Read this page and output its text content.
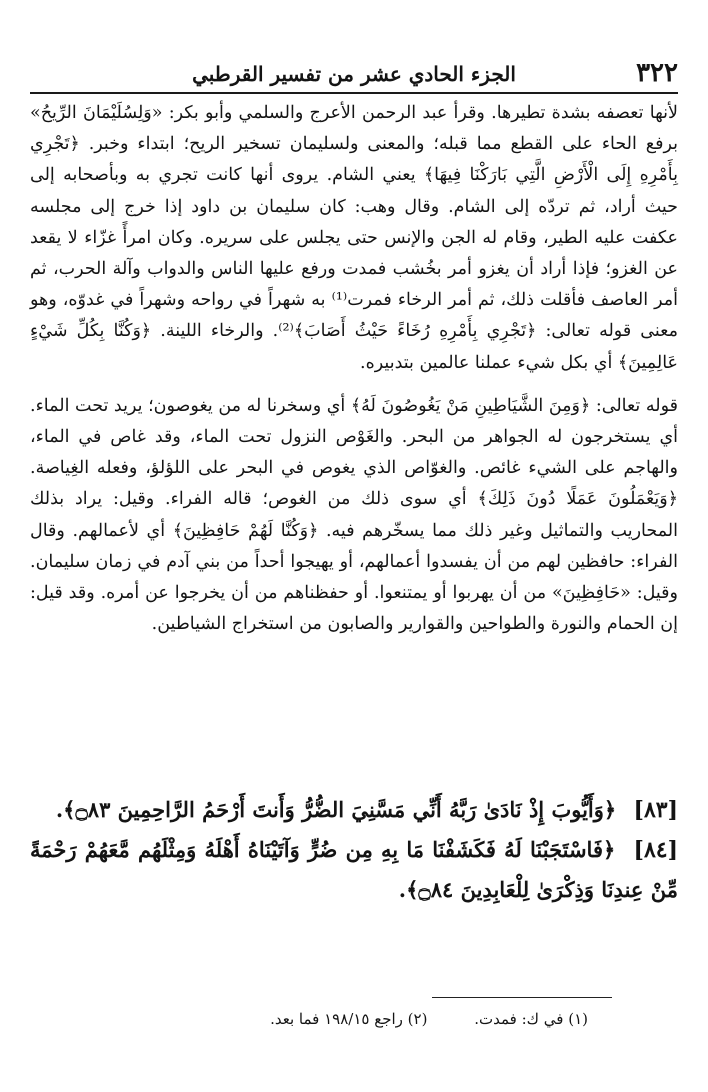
٣٢٢
الجزء الحادي عشر من تفسير القرطبي

لأنها تعصفه بشدة تطيرها. وقرأ عبد الرحمن الأعرج والسلمي وأبو بكر: «وَلِسُلَيْمَانَ الرِّيحُ» برفع الحاء على القطع مما قبله؛ والمعنى ولسليمان تسخير الريح؛ ابتداء وخبر. ﴿تَجْرِي بِأَمْرِهِ إِلَى الْأَرْضِ الَّتِي بَارَكْنَا فِيهَا﴾ يعني الشام. يروى أنها كانت تجري به وبأصحابه إلى حيث أراد، ثم تردّه إلى الشام. وقال وهب: كان سليمان بن داود إذا خرج إلى مجلسه عكفت عليه الطير، وقام له الجن والإنس حتى يجلس على سريره. وكان امرأً غزّاء لا يقعد عن الغزو؛ فإذا أراد أن يغزو أمر بخُشب فمدت ورفع عليها الناس والدواب وآلة الحرب، ثم أمر العاصف فأقلت ذلك، ثم أمر الرخاء فمرت⁽¹⁾ به شهراً في رواحه وشهراً في غدوّه، وهو معنى قوله تعالى: ﴿تَجْرِي بِأَمْرِهِ رُخَاءً حَيْثُ أَصَابَ﴾⁽²⁾. والرخاء اللينة. ﴿وَكُنَّا بِكُلِّ شَيْءٍ عَالِمِينَ﴾ أي بكل شيء عملنا عالمين بتدبيره.

قوله تعالى: ﴿وَمِنَ الشَّيَاطِينِ مَنْ يَغُوصُونَ لَهُ﴾ أي وسخرنا له من يغوصون؛ يريد تحت الماء. أي يستخرجون له الجواهر من البحر. والغَوْص النزول تحت الماء، وقد غاص في الماء، والهاجم على الشيء غائص. والغوّاص الذي يغوص في البحر على اللؤلؤ، وفعله الغِياصة. ﴿وَيَعْمَلُونَ عَمَلًا دُونَ ذَلِكَ﴾ أي سوى ذلك من الغوص؛ قاله الفراء. وقيل: يراد بذلك المحاريب والتماثيل وغير ذلك مما يسخّرهم فيه. ﴿وَكُنَّا لَهُمْ حَافِظِينَ﴾ أي لأعمالهم. وقال الفراء: حافظين لهم من أن يفسدوا أعمالهم، أو يهيجوا أحداً من بني آدم في زمان سليمان. وقيل: «حَافِظِينَ» من أن يهربوا أو يمتنعوا. أو حفظناهم من أن يخرجوا عن أمره. وقد قيل: إن الحمام والنورة والطواحين والقوارير والصابون من استخراج الشياطين.

[٨٣] ﴿وَأَيُّوبَ إِذْ نَادَىٰ رَبَّهُ أَنِّي مَسَّنِيَ الضُّرُّ وَأَنتَ أَرْحَمُ الرَّاحِمِينَ ۝٨٣﴾.

[٨٤] ﴿فَاسْتَجَبْنَا لَهُ فَكَشَفْنَا مَا بِهِ مِن ضُرٍّ وَآتَيْنَاهُ أَهْلَهُ وَمِثْلَهُم مَّعَهُمْ رَحْمَةً مِّنْ عِندِنَا وَذِكْرَىٰ لِلْعَابِدِينَ ۝٨٤﴾.

(١) في ك: فمدت. (٢) راجع ١٩٨/١٥ فما بعد.
